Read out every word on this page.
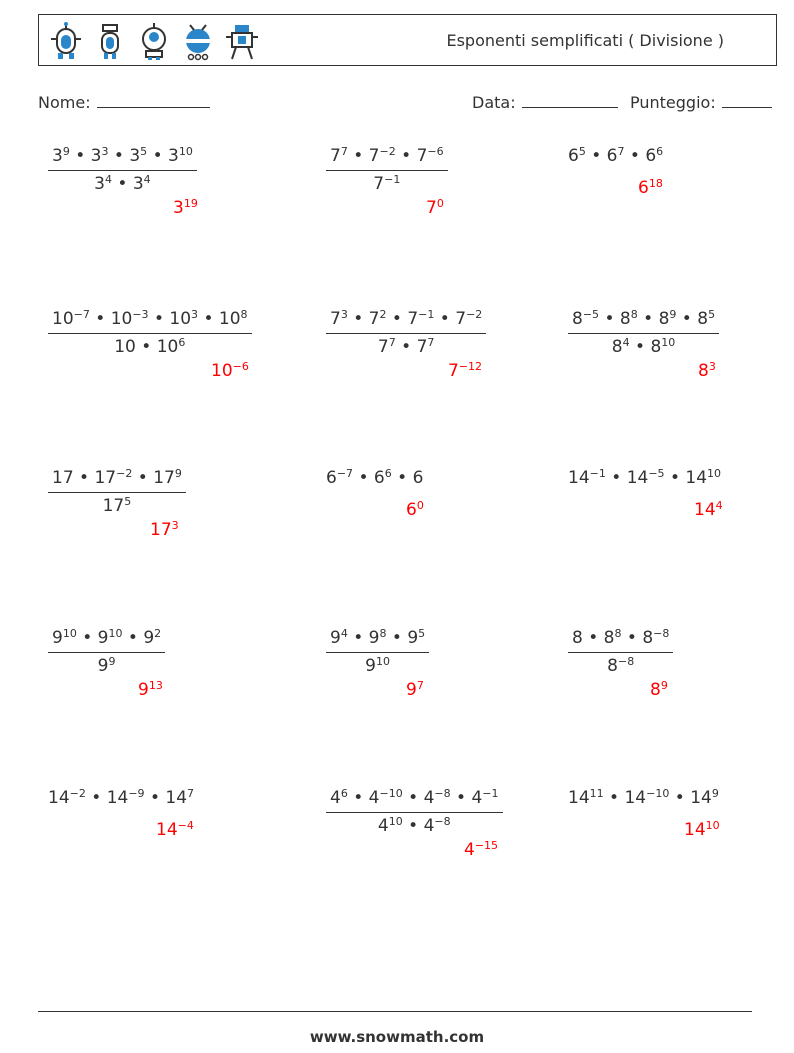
Esponenti semplificati ( Divisione )
Nome:	Data:	Punteggio:
$\frac{3^9 • 3^3 • 3^5 • 3^{10}}{3^4 • 3^4}$
$3^{19}$
$\frac{7^7 • 7^{-2} • 7^{-6}}{7^{-1}}$
$7^0$
$6^5$ • $6^7$ • $6^6$
$6^{18}$
$\frac{10^{-7} • 10^{-3} • 10^3 • 10^8}{10 • 10^6}$
$10^{-6}$
$\frac{7^3 • 7^2 • 7^{-1} • 7^{-2}}{7^7 • 7^7}$
$7^{-12}$
$\frac{8^{-5} • 8^8 • 8^9 • 8^5}{8^4 • 8^{10}}$
$8^3$
$\frac{17 • 17^{-2} • 17^9}{17^5}$
$17^3$
$6^{-7}$ • $6^6$ • 6
$6^0$
$14^{-1}$ • $14^{-5}$ • $14^{10}$
$14^4$
$\frac{9^{10} • 9^{10} • 9^2}{9^9}$
$9^{13}$
$\frac{9^4 • 9^8 • 9^5}{9^{10}}$
$9^7$
$\frac{8 • 8^8 • 8^{-8}}{8^{-8}}$
$8^9$
$14^{-2}$ • $14^{-9}$ • $14^7$
$14^{-4}$	$\frac{4^6 • 4^{-10} • 4^{-8} • 4^{-1}}{4^{10} • 4^{-8}}$
$4^{-15}$
$14^{11}$ • $14^{-10}$ • $14^9$
$14^{10}$
www.snowmath.com
